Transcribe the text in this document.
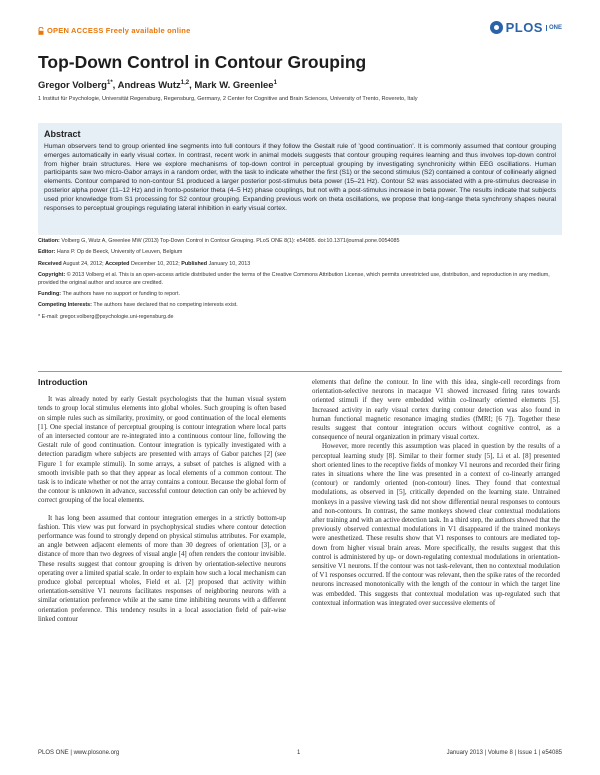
OPEN ACCESS Freely available online	PLOS	ONE
Top-Down Control in Contour Grouping
Gregor Volberg$^{1*}$, Andreas Wutz$^{1,2}$, Mark W. Greenlee$^1$
1 Institut für Psychologie, Universität Regensburg, Regensburg, Germany, 2 Center for Cognitive and Brain Sciences, University of Trento, Rovereto, Italy

Abstract

Human observers tend to group oriented line segments into full contours if they follow the Gestalt rule of 'good continuation'. It is commonly assumed that contour grouping emerges automatically in early visual cortex. In contrast, recent work in animal models suggests that contour grouping requires learning and thus involves top-down control from higher brain structures. Here we explore mechanisms of top-down control in perceptual grouping by investigating synchronicity within EEG oscillations. Human participants saw two micro-Gabor arrays in a random order, with the task to indicate whether the first (S1) or the second stimulus (S2) contained a contour of collinearly aligned elements. Contour compared to non-contour S1 produced a larger posterior post-stimulus beta power (15–21 Hz). Contour S2 was associated with a pre-stimulus decrease in posterior alpha power (11–12 Hz) and in fronto-posterior theta (4–5 Hz) phase couplings, but not with a post-stimulus increase in beta power. The results indicate that subjects used prior knowledge from S1 processing for S2 contour grouping. Expanding previous work on theta oscillations, we propose that long-range theta synchrony shapes neural responses to perceptual groupings regulating lateral inhibition in early visual cortex.

Citation: Volberg G, Wutz A, Greenlee MW (2013) Top-Down Control in Contour Grouping. PLoS ONE 8(1): e54085. doi:10.1371/journal.pone.0054085

Editor: Hans P. Op de Beeck, University of Leuven, Belgium

Received August 24, 2012; Accepted December 10, 2012; Published January 10, 2013

Copyright: © 2013 Volberg et al. This is an open-access article distributed under the terms of the Creative Commons Attribution License, which permits unrestricted use, distribution, and reproduction in any medium, provided the original author and source are credited.

Funding: The authors have no support or funding to report.

Competing Interests: The authors have declared that no competing interests exist.

* E-mail: gregor.volberg@psychologie.uni-regensburg.de

Introduction

It was already noted by early Gestalt psychologists that the human visual system tends to group local stimulus elements into global wholes. Such grouping is often based on simple rules such as similarity, proximity, or good continuation of the local elements [1]. One special instance of perceptual grouping is contour integration where local parts of an intersected contour are re-integrated into a continuous contour line, following the Gestalt rule of good continuation. Contour integration is typically investigated with a detection paradigm where subjects are presented with arrays of Gabor patches [2] (see Figure 1 for example stimuli). In some arrays, a subset of patches is aligned with a smooth invisible path so that they appear as local elements of a common contour. The task is to indicate whether or not the array contains a contour. Because the global form of the contour is unknown in advance, successful contour detection can only be achieved by correct grouping of the local elements.

It has long been assumed that contour integration emerges in a strictly bottom-up fashion. This view was put forward in psychophysical studies where contour detection performance was found to strongly depend on physical stimulus attributes. For example, an angle between adjacent elements of more than 30 degrees of orientation [3], or a distance of more than two degrees of visual angle [4] often renders the contour invisible. These results suggest that contour grouping is driven by orientation-selective neurons operating over a limited spatial scale. In order to explain how such a local mechanism can produce global perceptual wholes, Field et al. [2] proposed that activity within orientation-sensitive V1 neurons facilitates responses of neighboring neurons with a similar orientation preference while at the same time inhibiting neurons with a different orientation preference. This tendency results in a local association field of pair-wise linked contour

elements that define the contour. In line with this idea, single-cell recordings from orientation-selective neurons in macaque V1 showed increased firing rates towards oriented stimuli if they were embedded within co-linearly oriented elements [5]. Increased activity in early visual cortex during contour detection was also found in human functional magnetic resonance imaging studies (fMRI; [6 7]). Together these results suggest that contour integration occurs without cognitive control, as a consequence of neural organization in primary visual cortex.

However, more recently this assumption was placed in question by the results of a perceptual learning study [8]. Similar to their former study [5], Li et al. [8] presented short oriented lines to the receptive fields of monkey V1 neurons and recorded their firing rates in situations where the line was presented in a context of co-linearly arranged (contour) or randomly oriented (non-contour) lines. They found that contextual modulations, as observed in [5], critically depended on the learning state. Untrained monkeys in a passive viewing task did not show differential neural responses to contours and non-contours. In contrast, the same monkeys showed clear contextual modulations after training and with an active detection task. In a third step, the authors showed that the previously observed contextual modulations in V1 disappeared if the trained monkeys were anesthetized. These results show that V1 responses to contours are mediated top-down from higher visual brain areas. More specifically, the results suggest that this control is administered by up- or down-regulating contextual modulations in orientation-sensitive V1 neurons. If the contour was not task-relevant, then no contextual modulation of V1 responses occurred. If the contour was relevant, then the spike rates of the recorded neurons increased monotonically with the length of the contour in which the target line was embedded. This suggests that contextual modulation was up-regulated such that contextual information was integrated over successive elements of

PLOS ONE | www.plosone.org	1	January 2013 | Volume 8 | Issue 1 | e54085
